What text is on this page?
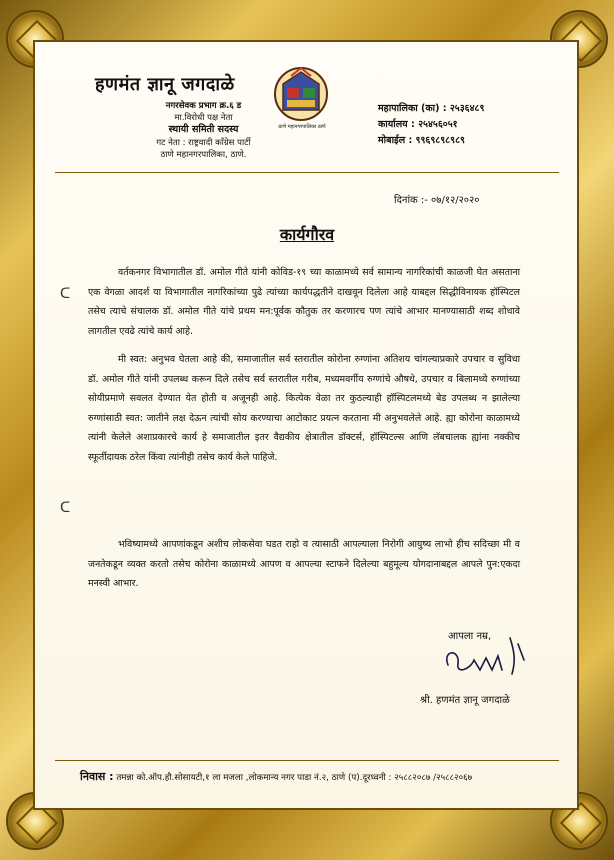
हणमंत ज्ञानू जगदाळे
नगरसेवक प्रभाग क्र.६ ड
मा.विरोधी पक्ष नेता
स्थायी समिती सदस्य
गट नेता : राष्ट्रवादी कॉंग्रेस पार्टी
ठाणे महानगरपालिका, ठाणे.
ठाणे महानगरपालिका ठाणे
महापालिका (का) : २५३६४८९
कार्यालय : २५४५६०५१
मोबाईल : ९९६९८९८९८९
दिनांक :- ०७/१२/२०२०
कार्यगौरव
वर्तकनगर विभागातील डॉ. अमोल गीते यांनी कोविड-१९ च्या काळामध्ये सर्व सामान्य नागरिकांची काळजी घेत असताना एक वेगळा आदर्श या विभागातील नागरिकांच्या पुढे त्यांच्या कार्यपद्धतीने दाखवून दिलेला आहे याबद्दल सिद्धीविनायक हॉस्पिटल तसेच त्याचे संचालक डॉ. अमोल गीते यांचे प्रथम मन:पूर्वक कौतुक तर करणारच पण त्यांचे आभार मानण्यासाठी शब्द शोधावे लागतील एवढे त्यांचे कार्य आहे.
मी स्वत: अनुभव घेतला आहे की, समाजातील सर्व स्तरातील कोरोना रुग्णांना अतिशय चांगल्याप्रकारे उपचार व सुविधा डॉ. अमोल गीते यांनी उपलब्ध करून दिले तसेच सर्व स्तरातील गरीब, मध्यमवर्गीय रुग्णांचे औषधे, उपचार व बिलामध्ये रुग्णांच्या सोयीप्रमाणे सवलत देण्यात येत होती व अजूनही आहे. कित्येक वेळा तर कुठल्याही हॉस्पिटलमध्ये बेड उपलब्ध न झालेल्या रुग्णांसाठी स्वत: जातीने लक्ष देऊन त्यांची सोय करण्याचा आटोकाट प्रयत्न करताना मी अनुभवलेले आहे. ह्या कोरोना काळामध्ये त्यांनी केलेले अशाप्रकारचे कार्य हे समाजातील इतर वैद्यकीय क्षेत्रातील डॉक्टर्स, हॉस्पिटल्स आणि लॅबचालक ह्यांना नक्कीच स्फूर्तीदायक ठरेल किंवा त्यांनीही तसेच कार्य केले पाहिजे.
भविष्यामध्ये आपणांकडून अशीच लोकसेवा घडत राहो व त्यासाठी आपल्याला निरोगी आयुष्य लाभो हीच सदिच्छा मी व जनतेकडून व्यक्त करतो तसेच कोरोना काळामध्ये आपण व आपल्या स्टाफने दिलेल्या बहुमूल्य योगदानाबद्दल आपले पुन:एकदा मनस्वी आभार.
ᑕ
ᑕ
आपला नम्र,
श्री. हणमंत ज्ञानू जगदाळे
निवास : तमन्ना को.ऑप.हौ.सोसायटी,१ ला मजला ,लोकमान्य नगर पाडा नं.२, ठाणे (प).दूरध्वनी : २५८८२०८७ /२५८८२०६७
